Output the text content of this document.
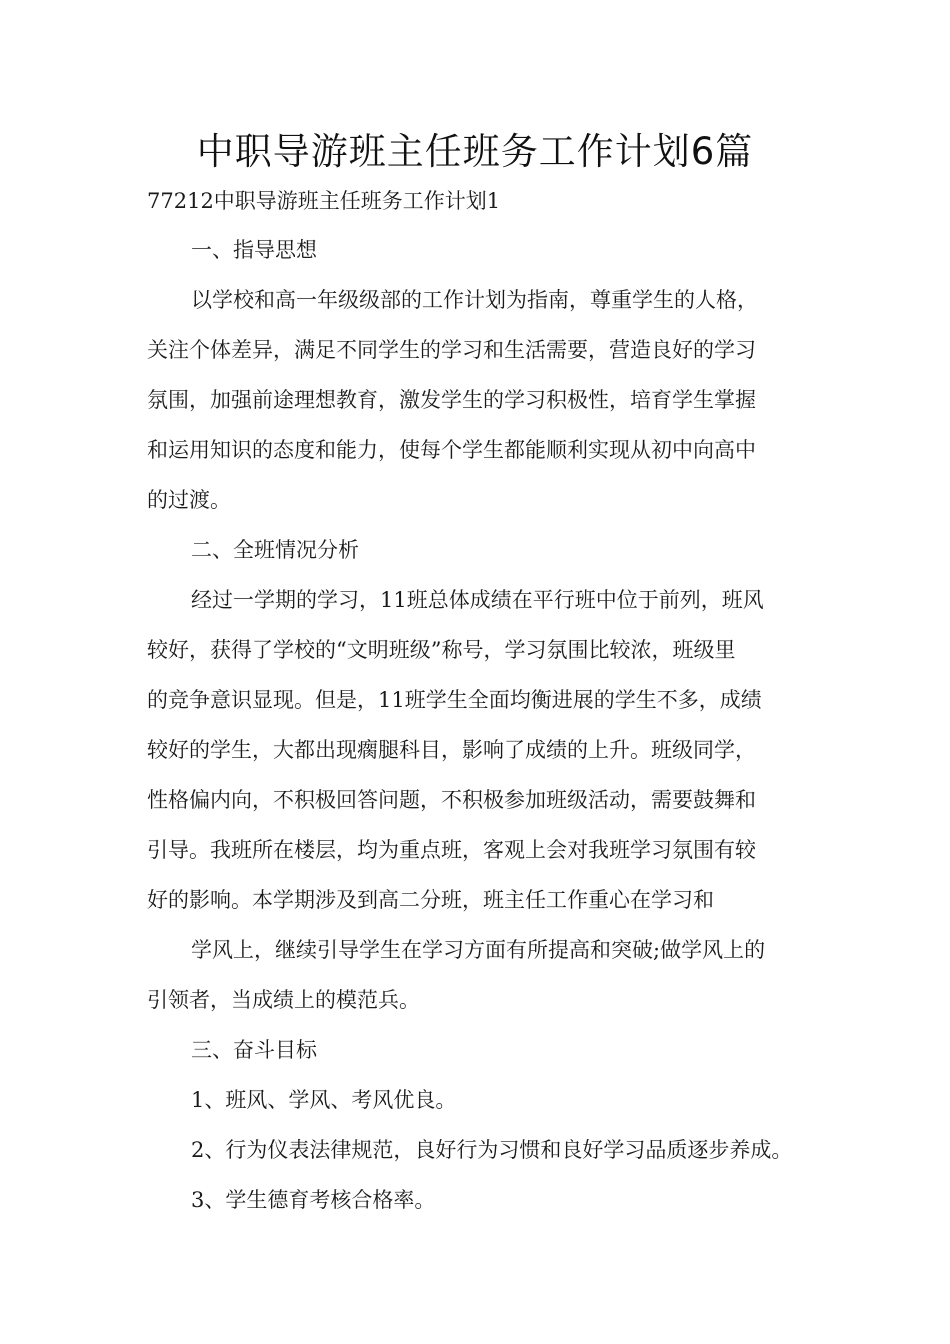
中职导游班主任班务工作计划6篇
77212中职导游班主任班务工作计划1
一、指导思想
以学校和高一年级级部的工作计划为指南，尊重学生的人格，
关注个体差异，满足不同学生的学习和生活需要，营造良好的学习
氛围，加强前途理想教育，激发学生的学习积极性，培育学生掌握
和运用知识的态度和能力，使每个学生都能顺利实现从初中向高中
的过渡。
二、全班情况分析
经过一学期的学习，11班总体成绩在平行班中位于前列，班风
较好，获得了学校的“文明班级”称号，学习氛围比较浓，班级里
的竞争意识显现。但是，11班学生全面均衡进展的学生不多，成绩
较好的学生，大都出现瘸腿科目，影响了成绩的上升。班级同学，
性格偏内向，不积极回答问题，不积极参加班级活动，需要鼓舞和
引导。我班所在楼层，均为重点班，客观上会对我班学习氛围有较
好的影响。本学期涉及到高二分班，班主任工作重心在学习和
学风上，继续引导学生在学习方面有所提高和突破;做学风上的
引领者，当成绩上的模范兵。
三、奋斗目标
1、班风、学风、考风优良。
2、行为仪表法律规范，良好行为习惯和良好学习品质逐步养成。
3、学生德育考核合格率。
